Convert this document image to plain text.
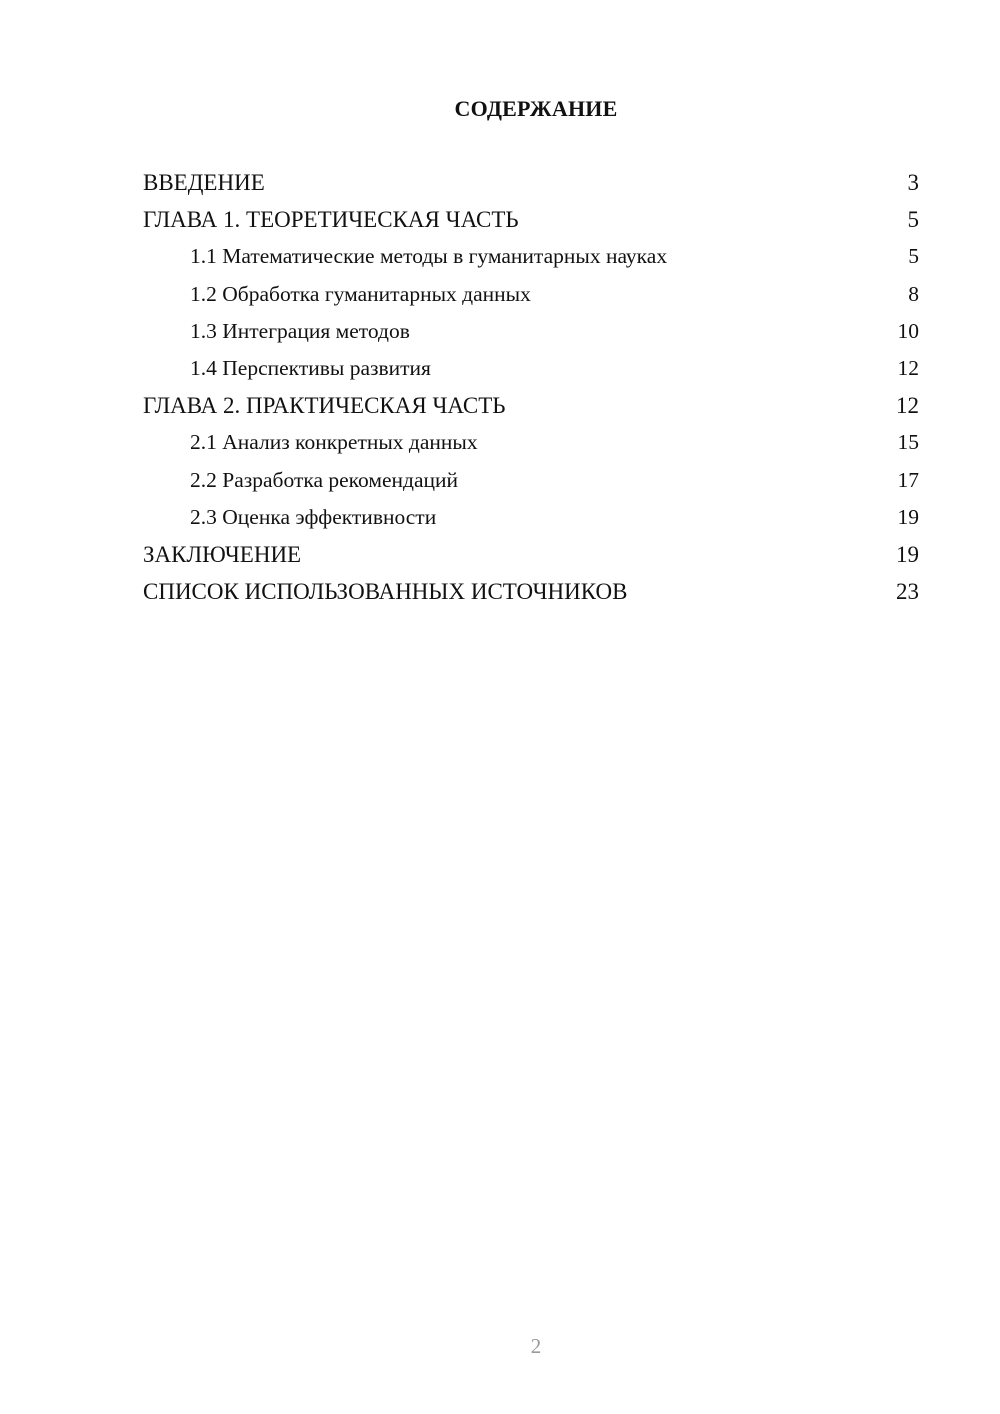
СОДЕРЖАНИЕ
ВВЕДЕНИЕ	3
ГЛАВА 1. ТЕОРЕТИЧЕСКАЯ ЧАСТЬ	5
1.1 Математические методы в гуманитарных науках	5
1.2 Обработка гуманитарных данных	8
1.3 Интеграция методов	10
1.4 Перспективы развития	12
ГЛАВА 2. ПРАКТИЧЕСКАЯ ЧАСТЬ	12
2.1 Анализ конкретных данных	15
2.2 Разработка рекомендаций	17
2.3 Оценка эффективности	19
ЗАКЛЮЧЕНИЕ	19
СПИСОК ИСПОЛЬЗОВАННЫХ ИСТОЧНИКОВ	23
2
